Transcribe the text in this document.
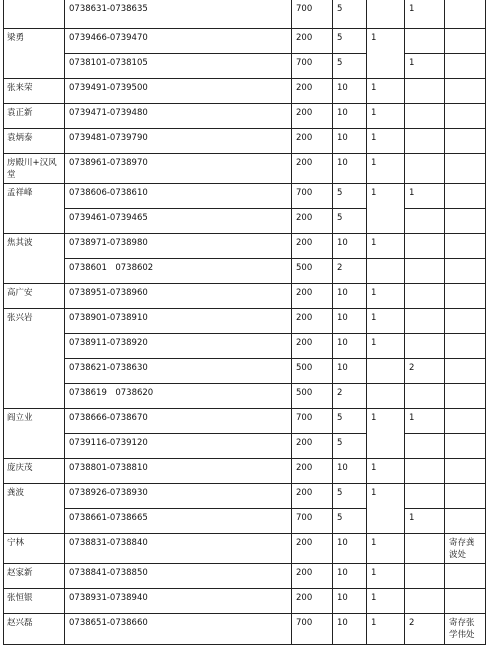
	0738631-0738635	700	5		1	
梁勇	0739466-0739470	200	5	1		
	0738101-0738105	700	5		1	
张来荣	0739491-0739500	200	10	1		
袁正新	0739471-0739480	200	10	1		
袁炳泰	0739481-0739790	200	10	1		
房殿川+汉风堂	0738961-0738970	200	10	1		
孟祥峰	0738606-0738610	700	5	1	1	
	0739461-0739465	200	5			
焦其波	0738971-0738980	200	10	1		
	0738601　0738602	500	2			
高广安	0738951-0738960	200	10	1		
张兴岩	0738901-0738910	200	10	1		
	0738911-0738920	200	10	1		
	0738621-0738630	500	10		2	
	0738619　0738620	500	2			
阎立业	0738666-0738670	700	5	1	1	
	0739116-0739120	200	5			
庞庆茂	0738801-0738810	200	10	1		
龚波	0738926-0738930	200	5	1		
	0738661-0738665	700	5		1	
宁林	0738831-0738840	200	10	1		寄存龚波处
赵家新	0738841-0738850	200	10	1		
张恒银	0738931-0738940	200	10	1		
赵兴磊	0738651-0738660	700	10	1	2	寄存张学伟处
